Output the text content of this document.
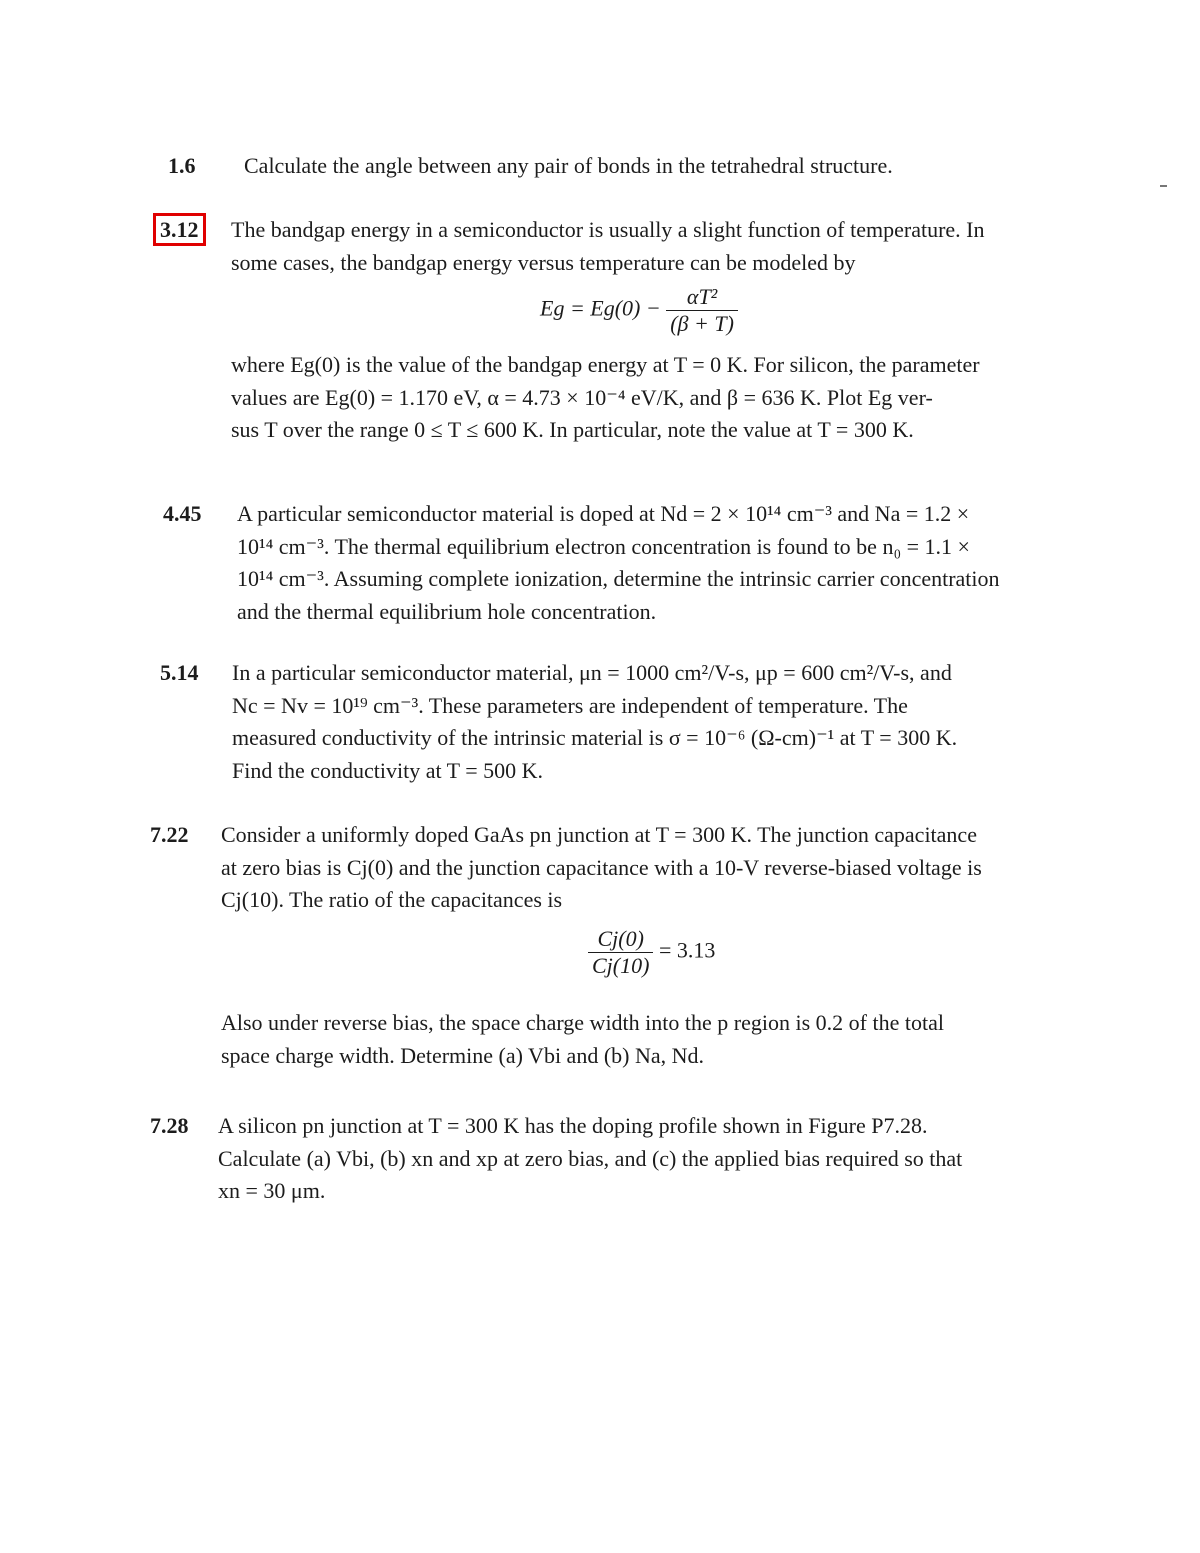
1.6 Calculate the angle between any pair of bonds in the tetrahedral structure.
3.12	The bandgap energy in a semiconductor is usually a slight function of temperature. In
some cases, the bandgap energy versus temperature can be modeled by
$Eg = Eg(0) - \frac{\text{αT²}}{(\beta + T)}$
where Eg(0) is the value of the bandgap energy at T = 0 K. For silicon, the parameter
values are Eg(0) = 1.170 eV, α = 4.73 × 10⁻⁴ eV/K, and β = 636 K. Plot Eg ver-
sus T over the range 0 ≤ T ≤ 600 K. In particular, note the value at T = 300 K.
4.45 A particular semiconductor material is doped at Nd = 2 × 10¹⁴ cm⁻³ and Na = 1.2 ×
10¹⁴ cm⁻³. The thermal equilibrium electron concentration is found to be n₀ = 1.1 ×
10¹⁴ cm⁻³. Assuming complete ionization, determine the intrinsic carrier concentration
and the thermal equilibrium hole concentration.
5.14 In a particular semiconductor material, μn = 1000 cm²/V-s, μp = 600 cm²/V-s, and
Nc = Nv = 10¹⁹ cm⁻³. These parameters are independent of temperature. The
measured conductivity of the intrinsic material is σ = 10⁻⁶ (Ω-cm)⁻¹ at T = 300 K.
Find the conductivity at T = 500 K.
7.22 Consider a uniformly doped GaAs pn junction at T = 300 K. The junction capacitance
at zero bias is Cj(0) and the junction capacitance with a 10-V reverse-biased voltage is
Cj(10). The ratio of the capacitances is
$\frac{Cj(0)}{Cj(10)} = 3.13$
Also under reverse bias, the space charge width into the p region is 0.2 of the total
space charge width. Determine (a) Vbi and (b) Na, Nd.
7.28 A silicon pn junction at T = 300 K has the doping profile shown in Figure P7.28.
Calculate (a) Vbi, (b) xn and xp at zero bias, and (c) the applied bias required so that
xn = 30 μm.
